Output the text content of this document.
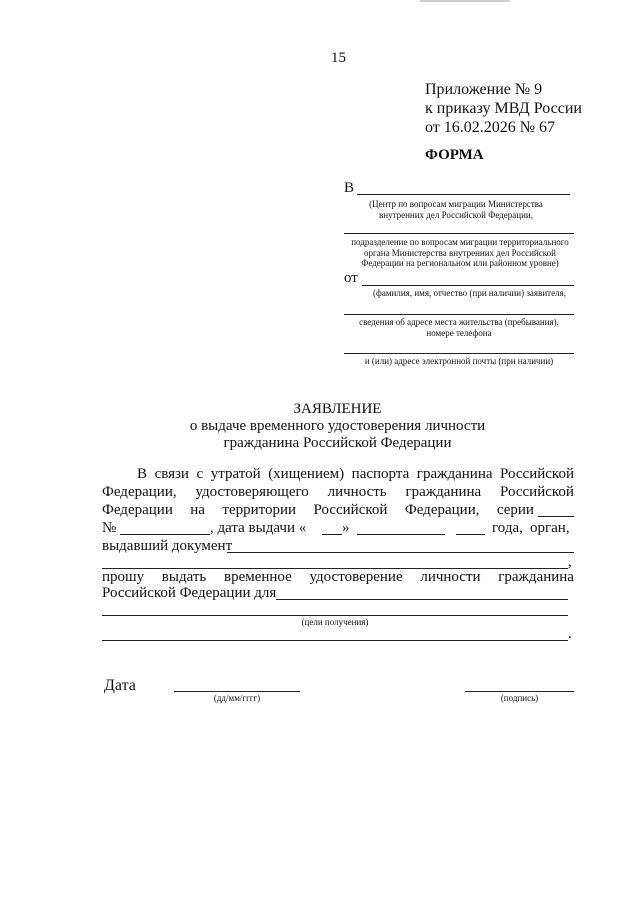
15
Приложение № 9
к приказу МВД России
от 16.02.2026 № 67
ФОРМА
В
(Центр по вопросам миграции Министерства
внутренних дел Российской Федерации,
подразделение по вопросам миграции территориального
органа Министерства внутренних дел Российской
Федерации на региональном или районном уровне)
от
(фамилия, имя, отчество (при наличии) заявителя,
сведения об адресе места жительства (пребывания),
номере телефона
и (или) адресе электронной почты (при наличии)
ЗАЯВЛЕНИЕ
о выдаче временного удостоверения личности
гражданина Российской Федерации
В связи с утратой (хищением) паспорта гражданина Российской
Федерации, удостоверяющего личность гражданина Российской
Федерации на территории Российской Федерации, серии
№	, дата выдачи « »	года, орган,
выдавший документ
,
прошу выдать временное удостоверение личности гражданина
Российской Федерации для
(цели получения)
.
Дата
(дд/мм/гггг)	(подпись)
